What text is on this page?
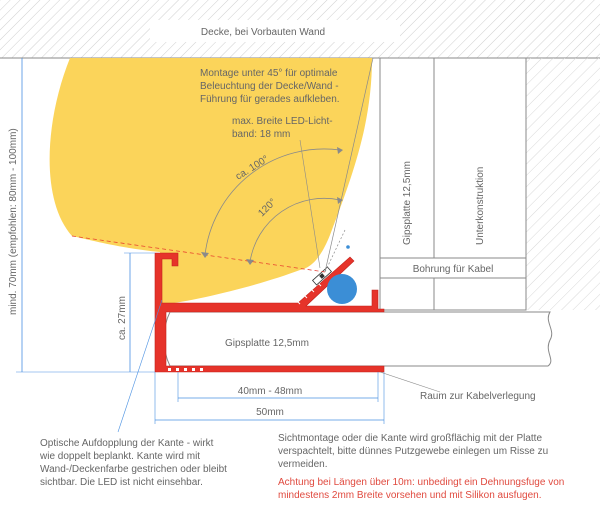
Decke, bei Vorbauten Wand
Gipsplatte 12,5mm	Unterkonstruktion
Bohrung für Kabel
Gipsplatte 12,5mm
ca. 100°
120°
Montage unter 45° für optimale
Beleuchtung der Decke/Wand -
Führung für gerades aufkleben.
max. Breite LED-Licht-
band: 18 mm
mind. 70mm (empfohlen: 80mm - 100mm)
ca. 27mm
40mm - 48mm
50mm
Raum zur Kabelverlegung
Optische Aufdopplung der Kante - wirkt
wie doppelt beplankt. Kante wird mit
Wand-/Deckenfarbe gestrichen oder bleibt
sichtbar. Die LED ist nicht einsehbar.
Sichtmontage oder die Kante wird großflächig mit der Platte
verspachtelt, bitte dünnes Putzgewebe einlegen um Risse zu
vermeiden.
Achtung bei Längen über 10m: unbedingt ein Dehnungsfuge von
mindestens 2mm Breite vorsehen und mit Silikon ausfugen.
